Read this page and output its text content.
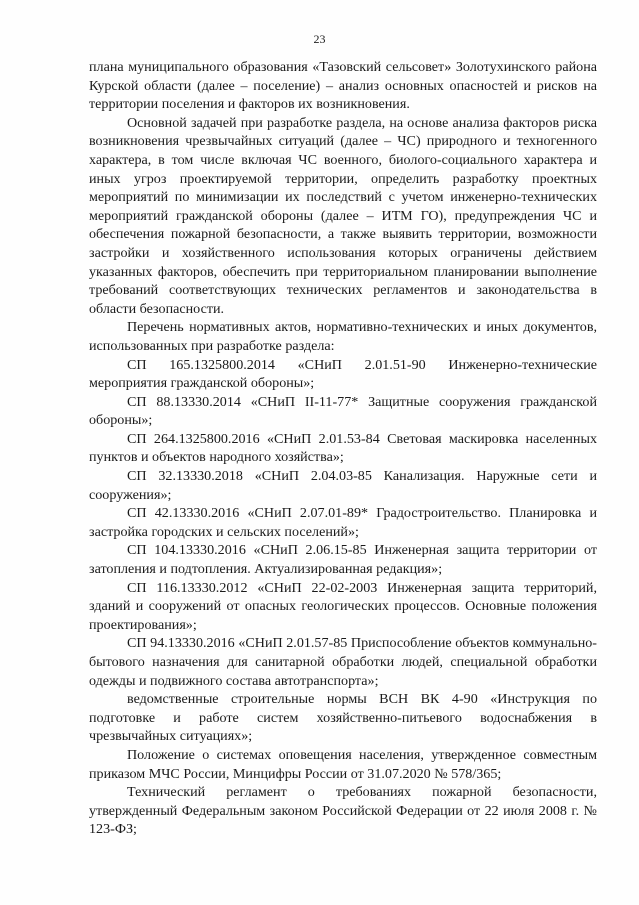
23

плана муниципального образования «Тазовский сельсовет» Золотухинского района Курской области (далее – поселение) – анализ основных опасностей и рисков на территории поселения и факторов их возникновения.

Основной задачей при разработке раздела, на основе анализа факторов риска возникновения чрезвычайных ситуаций (далее – ЧС) природного и техногенного характера, в том числе включая ЧС военного, биолого-социального характера и иных угроз проектируемой территории, определить разработку проектных мероприятий по минимизации их последствий с учетом инженерно-технических мероприятий гражданской обороны (далее – ИТМ ГО), предупреждения ЧС и обеспечения пожарной безопасности, а также выявить территории, возможности застройки и хозяйственного использования которых ограничены действием указанных факторов, обеспечить при территориальном планировании выполнение требований соответствующих технических регламентов и законодательства в области безопасности.

Перечень нормативных актов, нормативно-технических и иных документов, использованных при разработке раздела:

СП 165.1325800.2014 «СНиП 2.01.51-90 Инженерно-технические мероприятия гражданской обороны»;

СП 88.13330.2014 «СНиП II-11-77* Защитные сооружения гражданской обороны»;

СП 264.1325800.2016 «СНиП 2.01.53-84 Световая маскировка населенных пунктов и объектов народного хозяйства»;

СП 32.13330.2018 «СНиП 2.04.03-85 Канализация. Наружные сети и сооружения»;

СП 42.13330.2016 «СНиП 2.07.01-89* Градостроительство. Планировка и застройка городских и сельских поселений»;

СП 104.13330.2016 «СНиП 2.06.15-85 Инженерная защита территории от затопления и подтопления. Актуализированная редакция»;

СП 116.13330.2012 «СНиП 22-02-2003 Инженерная защита территорий, зданий и сооружений от опасных геологических процессов. Основные положения проектирования»;

СП 94.13330.2016 «СНиП 2.01.57-85 Приспособление объектов коммунально- бытового назначения для санитарной обработки людей, специальной обработки одежды и подвижного состава автотранспорта»;

ведомственные строительные нормы ВСН ВК 4-90 «Инструкция по подготовке и работе систем хозяйственно-питьевого водоснабжения в чрезвычайных ситуациях»;

Положение о системах оповещения населения, утвержденное совместным приказом МЧС России, Минцифры России от 31.07.2020 № 578/365;

Технический регламент о требованиях пожарной безопасности, утвержденный Федеральным законом Российской Федерации от 22 июля 2008 г. № 123-ФЗ;
